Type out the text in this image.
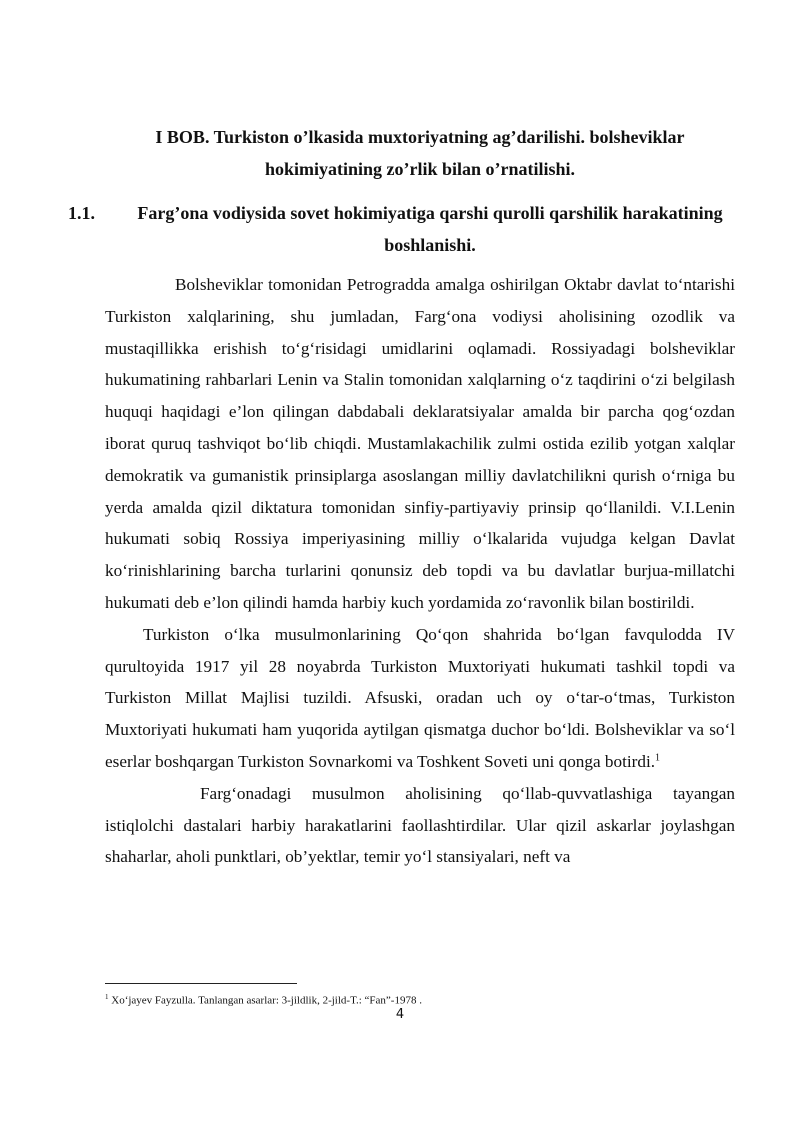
I BOB. Turkiston o’lkasida muxtoriyatning ag’darilishi. bolsheviklar hokimiyatining zo’rlik bilan o’rnatilishi.
1.1.	Farg’ona vodiysida sovet hokimiyatiga qarshi qurolli qarshilik harakatining boshlanishi.

Bolsheviklar tomonidan Petrogradda amalga oshirilgan Oktabr davlat to‘ntarishi Turkiston xalqlarining, shu jumladan, Farg‘ona vodiysi aholisining ozodlik va mustaqillikka erishish to‘g‘risidagi umidlarini oqlamadi. Rossiyadagi bolsheviklar hukumatining rahbarlari Lenin va Stalin tomonidan xalqlarning o‘z taqdirini o‘zi belgilash huquqi haqidagi e’lon qilingan dabdabali deklaratsiyalar amalda bir parcha qog‘ozdan iborat quruq tashviqot bo‘lib chiqdi. Mustamlakachilik zulmi ostida ezilib yotgan xalqlar demokratik va gumanistik prinsiplarga asoslangan milliy davlatchilikni qurish o‘rniga bu yerda amalda qizil diktatura tomonidan sinfiy-partiyaviy prinsip qo‘llanildi. V.I.Lenin hukumati sobiq Rossiya imperiyasining milliy o‘lkalarida vujudga kelgan Davlat ko‘rinishlarining barcha turlarini qonunsiz deb topdi va bu davlatlar burjua-millatchi hukumati deb e’lon qilindi hamda harbiy kuch yordamida zo‘ravonlik bilan bostirildi.

Turkiston o‘lka musulmonlarining Qo‘qon shahrida bo‘lgan favqulodda IV qurultoyida 1917 yil 28 noyabrda Turkiston Muxtoriyati hukumati tashkil topdi va Turkiston Millat Majlisi tuzildi. Afsuski, oradan uch oy o‘tar-o‘tmas, Turkiston Muxtoriyati hukumati ham yuqorida aytilgan qismatga duchor bo‘ldi. Bolsheviklar va so‘l eserlar boshqargan Turkiston Sovnarkomi va Toshkent Soveti uni qonga botirdi.$^1$

Farg‘onadagi musulmon aholisining qo‘llab-quvvatlashiga tayangan istiqlolchi dastalari harbiy harakatlarini faollashtirdilar. Ular qizil askarlar joylashgan shaharlar, aholi punktlari, ob’yektlar, temir yo‘l stansiyalari, neft va

$^1$ Xo‘jayev Fayzulla. Tanlangan asarlar: 3-jildlik, 2-jild-T.: “Fan”-1978 .
4
